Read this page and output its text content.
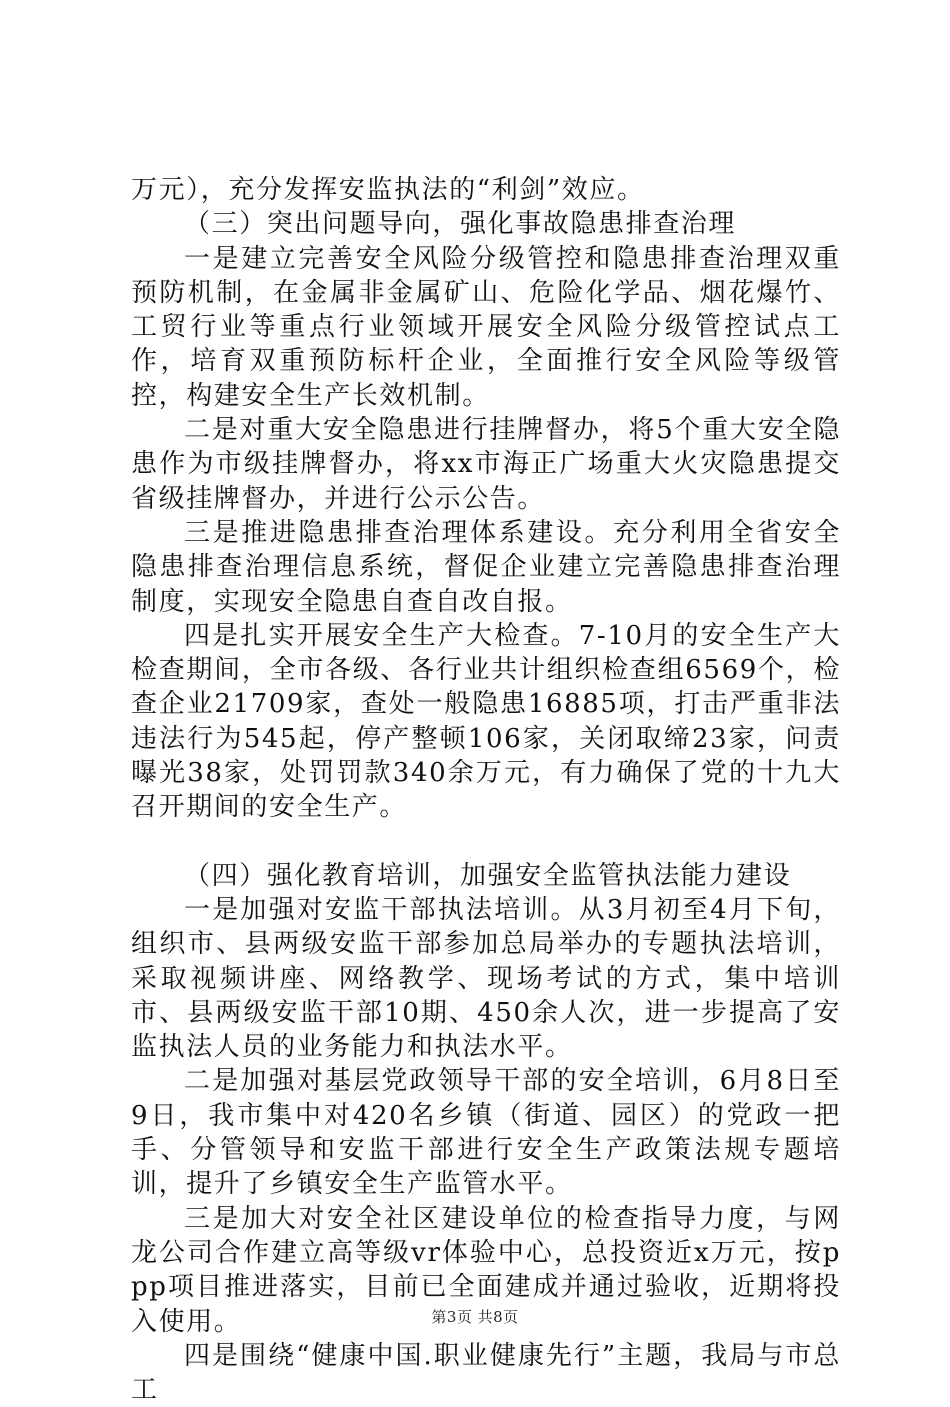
万元），充分发挥安监执法的“利剑”效应。

（三）突出问题导向，强化事故隐患排查治理

一是建立完善安全风险分级管控和隐患排查治理双重预防机制，在金属非金属矿山、危险化学品、烟花爆竹、工贸行业等重点行业领域开展安全风险分级管控试点工作，培育双重预防标杆企业，全面推行安全风险等级管控，构建安全生产长效机制。

二是对重大安全隐患进行挂牌督办，将5个重大安全隐患作为市级挂牌督办，将xx市海正广场重大火灾隐患提交省级挂牌督办，并进行公示公告。

三是推进隐患排查治理体系建设。充分利用全省安全隐患排查治理信息系统，督促企业建立完善隐患排查治理制度，实现安全隐患自查自改自报。

四是扎实开展安全生产大检查。7-10月的安全生产大检查期间，全市各级、各行业共计组织检查组6569个，检查企业21709家，查处一般隐患16885项，打击严重非法违法行为545起，停产整顿106家，关闭取缔23家，问责曝光38家，处罚罚款340余万元，有力确保了党的十九大召开期间的安全生产。

（四）强化教育培训，加强安全监管执法能力建设

一是加强对安监干部执法培训。从3月初至4月下旬，组织市、县两级安监干部参加总局举办的专题执法培训，采取视频讲座、网络教学、现场考试的方式，集中培训市、县两级安监干部10期、450余人次，进一步提高了安监执法人员的业务能力和执法水平。

二是加强对基层党政领导干部的安全培训，6月8日至9日，我市集中对420名乡镇（街道、园区）的党政一把手、分管领导和安监干部进行安全生产政策法规专题培训，提升了乡镇安全生产监管水平。

三是加大对安全社区建设单位的检查指导力度，与网龙公司合作建立高等级vr体验中心，总投资近x万元，按ppp项目推进落实，目前已全面建成并通过验收，近期将投入使用。

四是围绕“健康中国.职业健康先行”主题，我局与市总工

第3页 共8页
